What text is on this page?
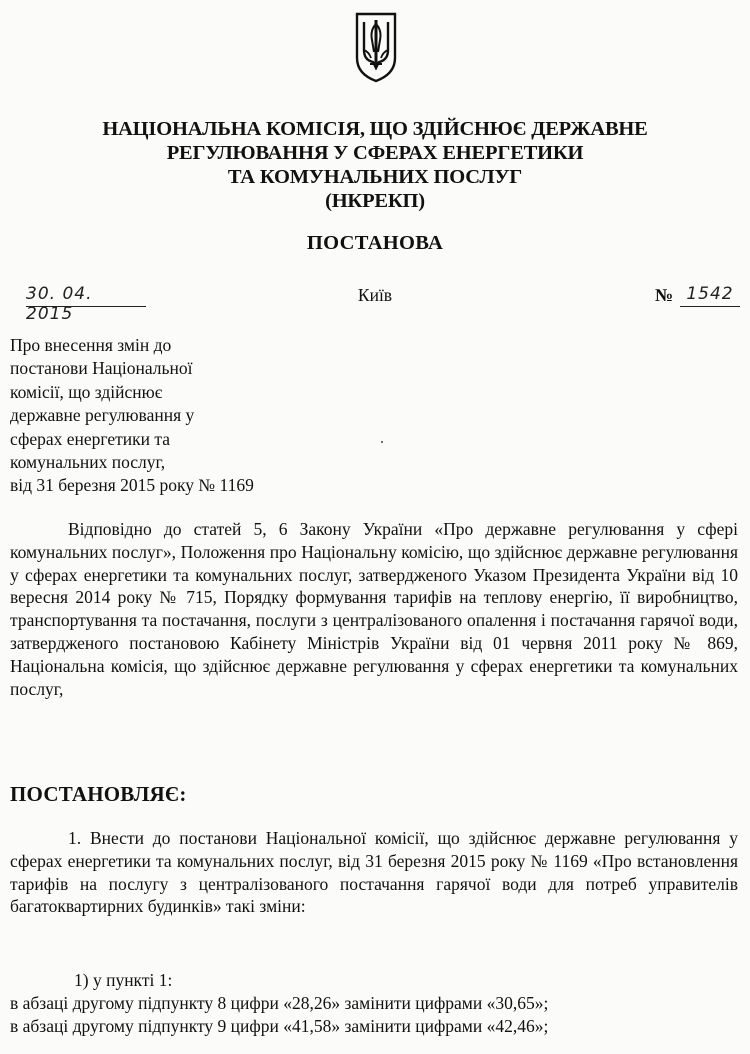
НАЦІОНАЛЬНА КОМІСІЯ, ЩО ЗДІЙСНЮЄ ДЕРЖАВНЕ
РЕГУЛЮВАННЯ У СФЕРАХ ЕНЕРГЕТИКИ
ТА КОМУНАЛЬНИХ ПОСЛУГ
(НКРЕКП)
ПОСТАНОВА
30. 04. 2015
Київ	№ 1542
Про внесення змін до
постанови Національної
комісії, що здійснює
державне регулювання у
сферах енергетики та
комунальних послуг,
від 31 березня 2015 року № 1169
Відповідно до статей 5, 6 Закону України «Про державне регулювання у сфері комунальних послуг», Положення про Національну комісію, що здійснює державне регулювання у сферах енергетики та комунальних послуг, затвердженого Указом Президента України від 10 вересня 2014 року № 715, Порядку формування тарифів на теплову енергію, її виробництво, транспортування та постачання, послуги з централізованого опалення і постачання гарячої води, затвердженого постановою Кабінету Міністрів України від 01 червня 2011 року № 869, Національна комісія, що здійснює державне регулювання у сферах енергетики та комунальних послуг,
ПОСТАНОВЛЯЄ:
1. Внести до постанови Національної комісії, що здійснює державне регулювання у сферах енергетики та комунальних послуг, від 31 березня 2015 року № 1169 «Про встановлення тарифів на послугу з централізованого постачання гарячої води для потреб управителів багатоквартирних будинків» такі зміни:
1) у пункті 1:
в абзаці другому підпункту 8 цифри «28,26» замінити цифрами «30,65»;
в абзаці другому підпункту 9 цифри «41,58» замінити цифрами «42,46»;
